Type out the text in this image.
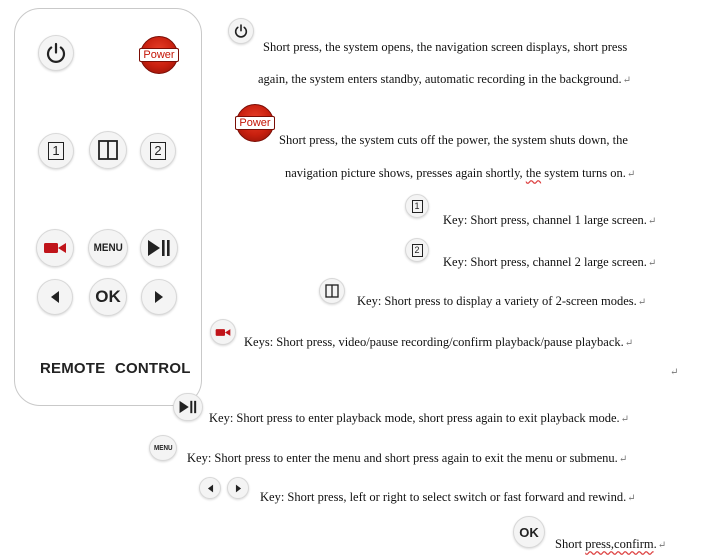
Power
1	2
MENU
OK
REMOTE CONTROL
Short press, the system opens, the navigation screen displays, short press
again, the system enters standby, automatic recording in the background.↵
Power
Short press, the system cuts off the power, the system shuts down, the
navigation picture shows, presses again shortly, the system turns on.↵
1
Key: Short press, channel 1 large screen.↵
2
Key: Short press, channel 2 large screen.↵
Key: Short press to display a variety of 2-screen modes.↵
Keys: Short press, video/pause recording/confirm playback/pause playback.↵
↵
Key: Short press to enter playback mode, short press again to exit playback mode.↵
MENU
Key: Short press to enter the menu and short press again to exit the menu or submenu.↵
Key: Short press, left or right to select switch or fast forward and rewind.↵
OK
Short press,confirm.↵
